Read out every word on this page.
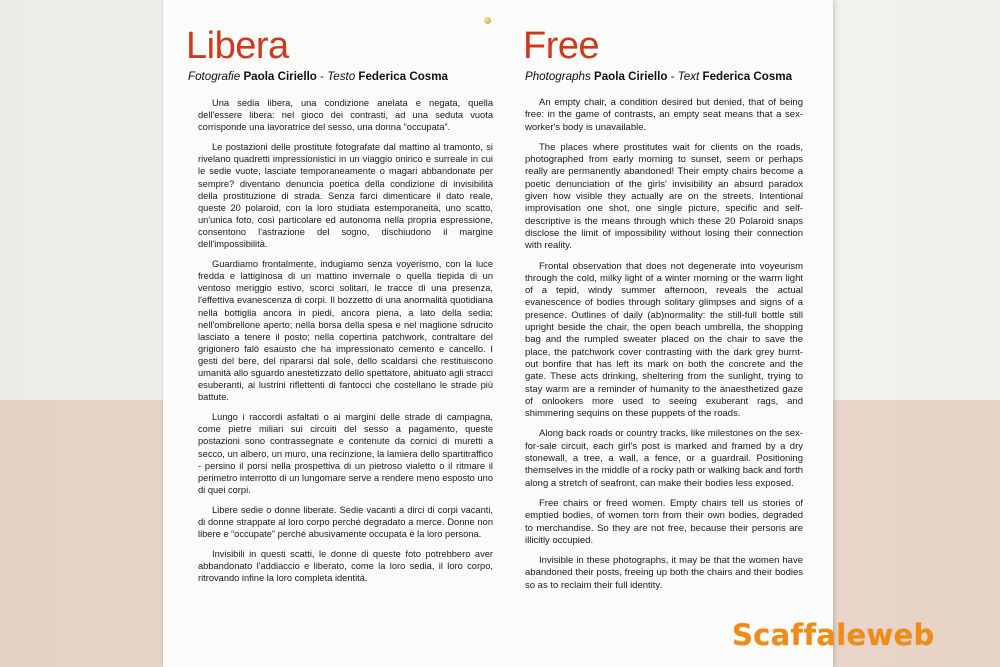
Libera
Fotografie Paola Ciriello - Testo Federica Cosma

Una sedia libera, una condizione anelata e negata, quella dell'essere libera: nel gioco dei contrasti, ad una seduta vuota corrisponde una lavoratrice del sesso, una donna “occupata”.

Le postazioni delle prostitute fotografate dal mattino al tramonto, si rivelano quadretti impressionistici in un viaggio onirico e surreale in cui le sedie vuote, lasciate temporaneamente o magari abbandonate per sempre? diventano denuncia poetica della condizione di invisibilità della prostituzione di strada. Senza farci dimenticare il dato reale, queste 20 polaroid, con la loro studiata estemporaneità, uno scatto, un'unica foto, così particolare ed autonoma nella propria espressione, consentono l'astrazione del sogno, dischiudono il margine dell'impossibilità.

Guardiamo frontalmente, indugiamo senza voyerismo, con la luce fredda e lattiginosa di un mattino invernale o quella tiepida di un ventoso meriggio estivo, scorci solitari, le tracce di una presenza, l'effettiva evanescenza di corpi. Il bozzetto di una anormalità quotidiana nella bottiglia ancora in piedi, ancora piena, a lato della sedia; nell'ombrellone aperto; nella borsa della spesa e nel maglione sdrucito lasciato a tenere il posto; nella copertina patchwork, contraltare del grigionero falò esausto che ha impressionato cemento e cancello. I gesti del bere, del ripararsi dal sole, dello scaldarsi che restituiscono umanità allo sguardo anestetizzato dello spettatore, abituato agli stracci esuberanti, ai lustrini riflettenti di fantocci che costellano le strade più battute.

Lungo i raccordi asfaltati o ai margini delle strade di campagna, come pietre miliari sui circuiti del sesso a pagamento, queste postazioni sono contrassegnate e contenute da cornici di muretti a secco, un albero, un muro, una recinzione, la lamiera dello spartitraffico - persino il porsi nella prospettiva di un pietroso vialetto o il ritmare il perimetro interrotto di un lungomare serve a rendere meno esposto uno di quei corpi.

Libere sedie o donne liberate. Sedie vacanti a dirci di corpi vacanti, di donne strappate al loro corpo perché degradato a merce. Donne non libere e “occupate” perché abusivamente occupata è la loro persona.

Invisibili in questi scatti, le donne di queste foto potrebbero aver abbandonato l'addiaccio e liberato, come la loro sedia, il loro corpo, ritrovando infine la loro completa identità.

Free
Photographs Paola Ciriello - Text Federica Cosma

An empty chair, a condition desired but denied, that of being free: in the game of contrasts, an empty seat means that a sex-worker's body is unavailable.

The places where prostitutes wait for clients on the roads, photographed from early morning to sunset, seem or perhaps really are permanently abandoned! Their empty chairs become a poetic denunciation of the girls' invisibility an absurd paradox given how visible they actually are on the streets. Intentional improvisation one shot, one single picture, specific and self-descriptive is the means through which these 20 Polaroid snaps disclose the limit of impossibility without losing their connection with reality.

Frontal observation that does not degenerate into voyeurism through the cold, milky light of a winter morning or the warm light of a tepid, windy summer afternoon, reveals the actual evanescence of bodies through solitary glimpses and signs of a presence. Outlines of daily (ab)normality: the still-full bottle still upright beside the chair, the open beach umbrella, the shopping bag and the rumpled sweater placed on the chair to save the place, the patchwork cover contrasting with the dark grey burnt-out bonfire that has left its mark on both the concrete and the gate. These acts drinking, sheltering from the sunlight, trying to stay warm are a reminder of humanity to the anaesthetized gaze of onlookers more used to seeing exuberant rags, and shimmering sequins on these puppets of the roads.

Along back roads or country tracks, like milestones on the sex-for-sale circuit, each girl's post is marked and framed by a dry stonewall, a tree, a wall, a fence, or a guardrail. Positioning themselves in the middle of a rocky path or walking back and forth along a stretch of seafront, can make their bodies less exposed.

Free chairs or freed women. Empty chairs tell us stories of emptied bodies, of women torn from their own bodies, degraded to merchandise. So they are not free, because their persons are illicitly occupied.

Invisible in these photographs, it may be that the women have abandoned their posts, freeing up both the chairs and their bodies so as to reclaim their full identity.

Scaffaleweb
